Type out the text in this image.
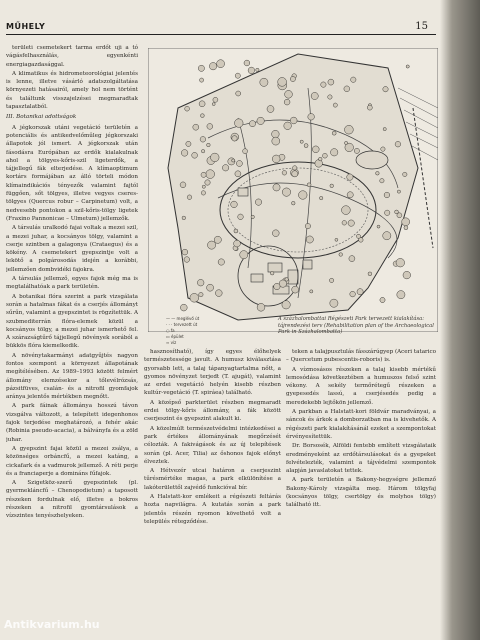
MŰHELY	15

területi csemetekert tarma erdőt uji a tó vágásfelhasználás, egyenkénti energiagazdasággal.

A klimatikus és hidrometeorológiai jelentés is lenne, illetve vásárló adatszolgáltatása környezeti hatásairól, amely hol nem történt és találtunk visszajelzései megmaradtak tapasztalatból.

III. Botanikai adottságok

A jégkorszak utáni vegetáció területén a potenciális és antikedvelőműleg jégkorszaki állapotok jól ismert. A jégkorszak után fásodásra Európában az erdők kialakulnak ahol a tölgyes-kőris-szil ligeterdők, a tájjellegű fák elterjedése. A klímaoptimum kortárs formájában az álló törteli módon klímaindikációs tényezők valamint fajtól függően, sőt tölgyes, illetve vegyes cseres-tölgyes (Quercus robur – Carpinetum) volt, a nedvesebb pontokon a szil-kőris-tölgy ligetek (Fraxino Pannonicae – Ulmetum) jellemzők.

A társulás uralkodó fajai voltak a mezei szil, a mezei juhar, a kocsányos tölgy, valamint a cserje szintben a galagonya (Crataegus) és a kökény. A csemetekert gyepszintje volt a lekötő a polgárosodás idején a korábbi, jellemzően dombvidéki fajokra.

A társulás jellemző, egyes fajok még ma is megtalálhatóak a park területén.

A botanikai flóra szerint a park vizsgálata során a hatalmas fákat és a cserjés állományt sűrűn, valamint a gyepszintet is rögzítettük. A szubmediterrán flóra-elemek közül a kocsányos tölgy, a mezei juhar ismerhető fel. A szárazságtűrő tájjellegű növények sorából a bükkös flóra kiemelkedik.

A növénytakarmányi adatgyűjtés nagyon fontos szempont a környezet állapotának megítélésében. Az 1989–1993 között felmért állomány elemzésekor a tőlevélrózsás, pázsitfüves, csalán- és a nitrofil gyomfajok aránya jelentős mértékben megnőtt.

A park fáinak állománya hosszú távon vizsgálva változott, a telepített idegenhonos fajok terjedése meghatározó, a fehér akác (Robinia pseudo-acacia), a bálványfa és a zöld juhar.

A gyepszint fajai közül a mezei zsálya, a közönséges orbáncfű, a mezei katáng, a cickafark és a vadmurok jellemző. A réti perje és a franciaperje a domináns fűfajok.

A Szigetköz-szerű gyepszintek (pl. gyermekláncfű – Chenopodietum) a taposott részeken fordulnak elő, illetve a bokros részeken a nitrofil gyomtársulások a vízszintes tenyészhelyeken.

— — meglévő út
· · · tervezett út
○ fa
▭ épület
≈ víz
A százhalombattai Régészeti Park tervezett kialakítása: tájrendezési terv (Rehabilitation plan of the Archaeological Park in Százhalombatta)

hasznosítható), így egyes élőhelyek természetessége javult. A humusz kiválasztása gyorsabb lett, a talaj tápanyagtartalma nőtt, a gyomos növényzet terjedt (T. ajugát), valamint az erdei vegetáció helyén kisebb részben kultúr-vegetáció (T. spiráea) található.

A középső parkterület részben megmaradt erdei tölgy-kőris állomány, a fák között cserjeszint és gyepszint alakult ki.

A közelmúlt természetvédelmi intézkedései a park értékes állományának megőrzését célozták. A fakivágások és az új telepítések során (pl. Acer, Tilia) az őshonos fajok előnyt élveztek.

A Hétvezér utcai határon a cserjeszint tűrésmértéke magas, a park elkülönítése a lakóterülettől zajvédő funkcióval bír.

A Halstatt-kor emlékeit a régészeti feltárás hozta napvilágra. A kutatás során a park jelentős részén nyomon követhető volt a település rétegződése.

teken a talajpusztulás fásszárúgyep (Aceri tatarico – Quercetum pubescentis-roboris) is.

A vízmosásos részeken a talaj kisebb mértékű lemosódása következtében a humuszos felső szint vékony. A sekély termőrétegű részeken a gyepesedés lassú, a cserjésedés pedig a meredekebb lejtőkön jellemző.

A parkban a Halstatt-kori földvár maradványai, a sáncok és árkok a domborzatban ma is kivehetők. A régészeti park kialakításánál ezeket a szempontokat érvényesítettük.

Dr. Borsosék, Alföldi fentebb említett vizsgálataik eredményeként az erdőtársulásokat és a gyepeket felvételezték, valamint a tájvédelmi szempontok alapján javaslatokat tettek.

A park területén a Bakony-hegységre jellemző Bakony-Károly vizsgálta meg. Három tölgyfaj (kocsányos tölgy, csertölgy és molyhos tölgy) található itt.

Antikvarium.hu
